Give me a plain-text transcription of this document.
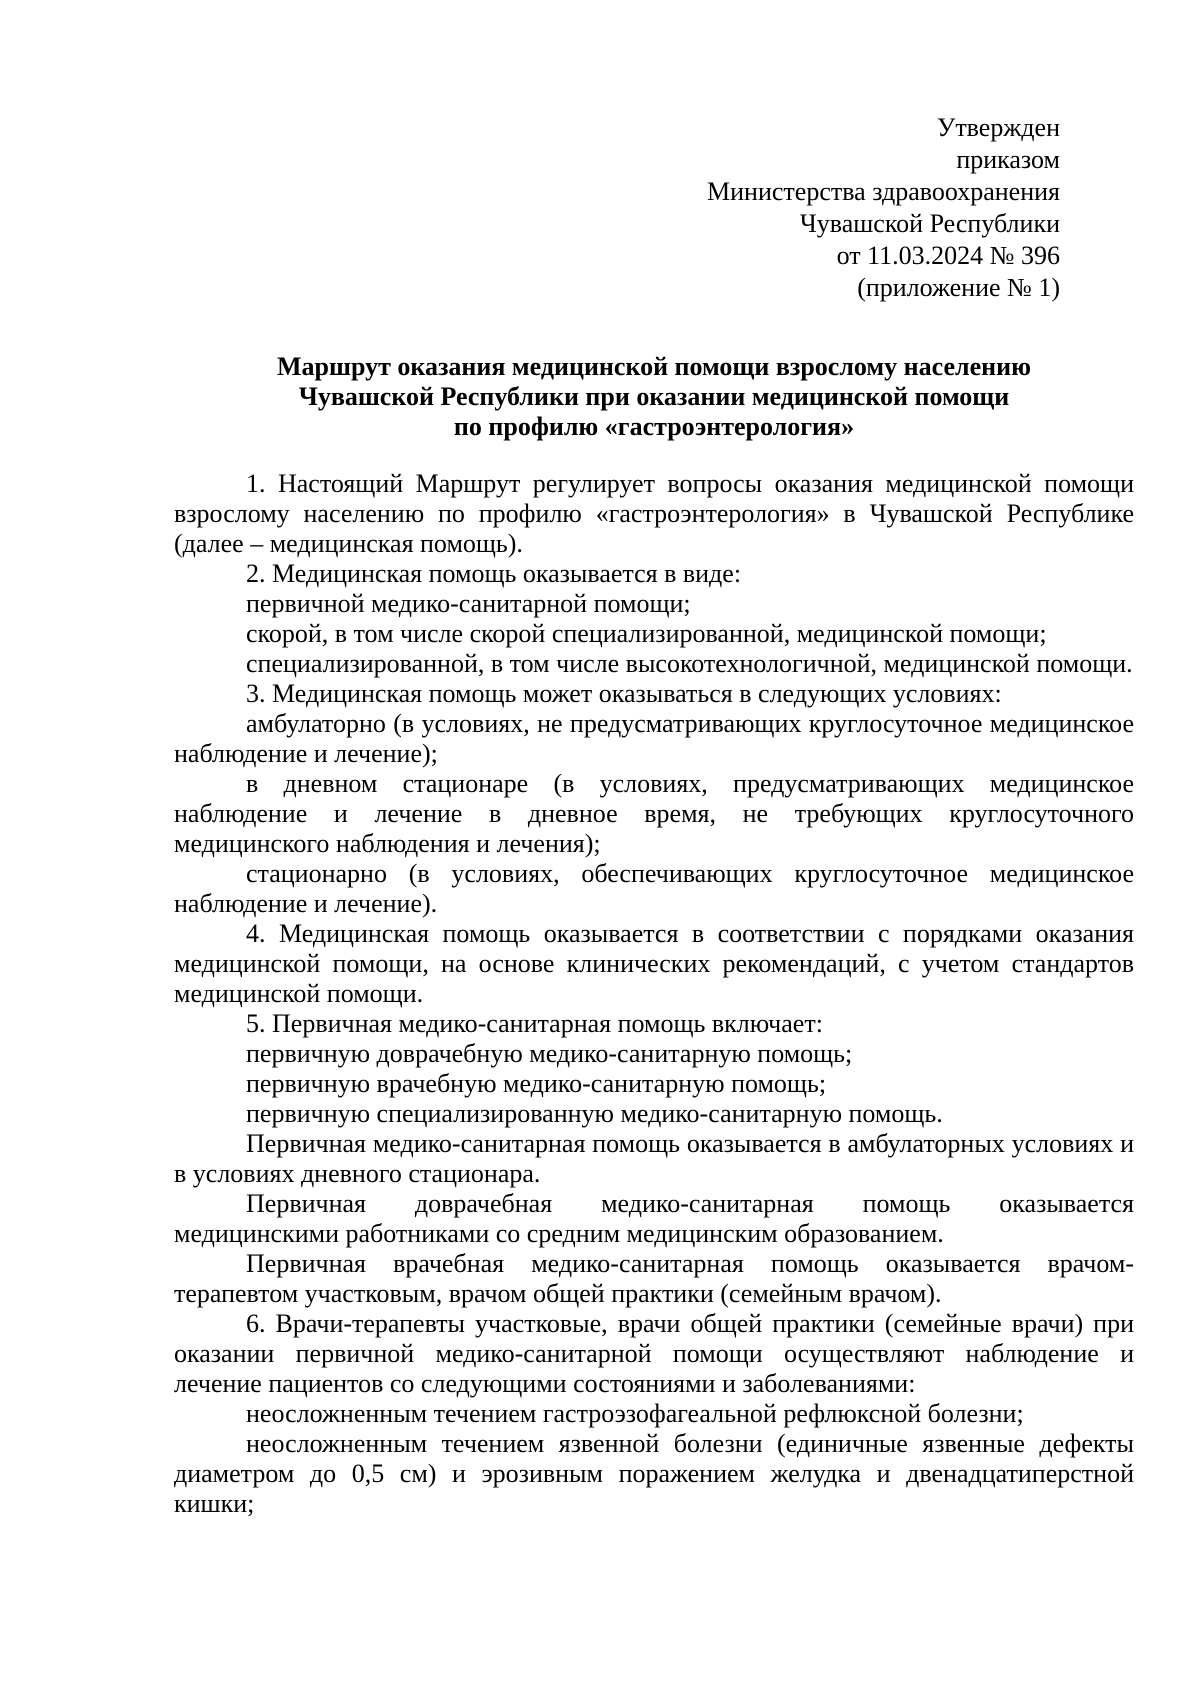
Утвержден
приказом
Министерства здравоохранения
Чувашской Республики
от 11.03.2024 № 396
(приложение № 1)
Маршрут оказания медицинской помощи взрослому населению
Чувашской Республики при оказании медицинской помощи
по профилю «гастроэнтерология»

1. Настоящий Маршрут регулирует вопросы оказания медицинской помощи взрослому населению по профилю «гастроэнтерология» в Чувашской Республике (далее – медицинская помощь).

2. Медицинская помощь оказывается в виде:

первичной медико-санитарной помощи;

скорой, в том числе скорой специализированной, медицинской помощи;

специализированной, в том числе высокотехнологичной, медицинской помощи.

3. Медицинская помощь может оказываться в следующих условиях:

амбулаторно (в условиях, не предусматривающих круглосуточное медицинское наблюдение и лечение);

в дневном стационаре (в условиях, предусматривающих медицинское наблюдение и лечение в дневное время, не требующих круглосуточного медицинского наблюдения и лечения);

стационарно (в условиях, обеспечивающих круглосуточное медицинское наблюдение и лечение).

4. Медицинская помощь оказывается в соответствии с порядками оказания медицинской помощи, на основе клинических рекомендаций, с учетом стандартов медицинской помощи.

5. Первичная медико-санитарная помощь включает:

первичную доврачебную медико-санитарную помощь;

первичную врачебную медико-санитарную помощь;

первичную специализированную медико-санитарную помощь.

Первичная медико-санитарная помощь оказывается в амбулаторных условиях и в условиях дневного стационара.

Первичная доврачебная медико-санитарная помощь оказывается медицинскими работниками со средним медицинским образованием.

Первичная врачебная медико-санитарная помощь оказывается врачом-терапевтом участковым, врачом общей практики (семейным врачом).

6. Врачи-терапевты участковые, врачи общей практики (семейные врачи) при оказании первичной медико-санитарной помощи осуществляют наблюдение и лечение пациентов со следующими состояниями и заболеваниями:

неосложненным течением гастроэзофагеальной рефлюксной болезни;

неосложненным течением язвенной болезни (единичные язвенные дефекты диаметром до 0,5 см) и эрозивным поражением желудка и двенадцатиперстной кишки;
